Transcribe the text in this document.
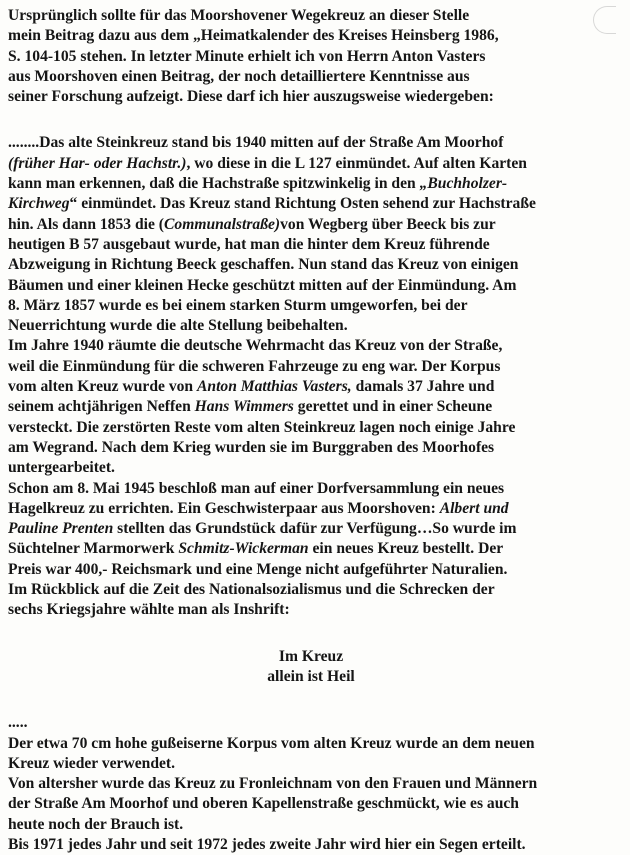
Ursprünglich sollte für das Moorshovener Wegekreuz an dieser Stelle
mein Beitrag dazu aus dem „Heimatkalender des Kreises Heinsberg 1986,
S. 104-105 stehen. In letzter Minute erhielt ich von Herrn Anton Vasters
aus Moorshoven einen Beitrag, der noch detailliertere Kenntnisse aus
seiner Forschung aufzeigt. Diese darf ich hier auszugsweise wiedergeben:
........Das alte Steinkreuz stand bis 1940 mitten auf der Straße Am Moorhof
(früher Har- oder Hachstr.), wo diese in die L 127 einmündet. Auf alten Karten
kann man erkennen, daß die Hachstraße spitzwinkelig in den „Buchholzer-
Kirchweg“ einmündet. Das Kreuz stand Richtung Osten sehend zur Hachstraße
hin. Als dann 1853 die (Communalstraße)von Wegberg über Beeck bis zur
heutigen B 57 ausgebaut wurde, hat man die hinter dem Kreuz führende
Abzweigung in Richtung Beeck geschaffen. Nun stand das Kreuz von einigen
Bäumen und einer kleinen Hecke geschützt mitten auf der Einmündung. Am
8. März 1857 wurde es bei einem starken Sturm umgeworfen, bei der
Neuerrichtung wurde die alte Stellung beibehalten.
Im Jahre 1940 räumte die deutsche Wehrmacht das Kreuz von der Straße,
weil die Einmündung für die schweren Fahrzeuge zu eng war. Der Korpus
vom alten Kreuz wurde von Anton Matthias Vasters, damals 37 Jahre und
seinem achtjährigen Neffen Hans Wimmers gerettet und in einer Scheune
versteckt. Die zerstörten Reste vom alten Steinkreuz lagen noch einige Jahre
am Wegrand. Nach dem Krieg wurden sie im Burggraben des Moorhofes
untergearbeitet.
Schon am 8. Mai 1945 beschloß man auf einer Dorfversammlung ein neues
Hagelkreuz zu errichten. Ein Geschwisterpaar aus Moorshoven: Albert und
Pauline Prenten stellten das Grundstück dafür zur Verfügung…So wurde im
Süchtelner Marmorwerk Schmitz-Wickerman ein neues Kreuz bestellt. Der
Preis war 400,- Reichsmark und eine Menge nicht aufgeführter Naturalien.
Im Rückblick auf die Zeit des Nationalsozialismus und die Schrecken der
sechs Kriegsjahre wählte man als Inshrift:
Im Kreuz
allein ist Heil
.....
Der etwa 70 cm hohe gußeiserne Korpus vom alten Kreuz wurde an dem neuen
Kreuz wieder verwendet.
Von altersher wurde das Kreuz zu Fronleichnam von den Frauen und Männern
der Straße Am Moorhof und oberen Kapellenstraße geschmückt, wie es auch
heute noch der Brauch ist.
Bis 1971 jedes Jahr und seit 1972 jedes zweite Jahr wird hier ein Segen erteilt.
